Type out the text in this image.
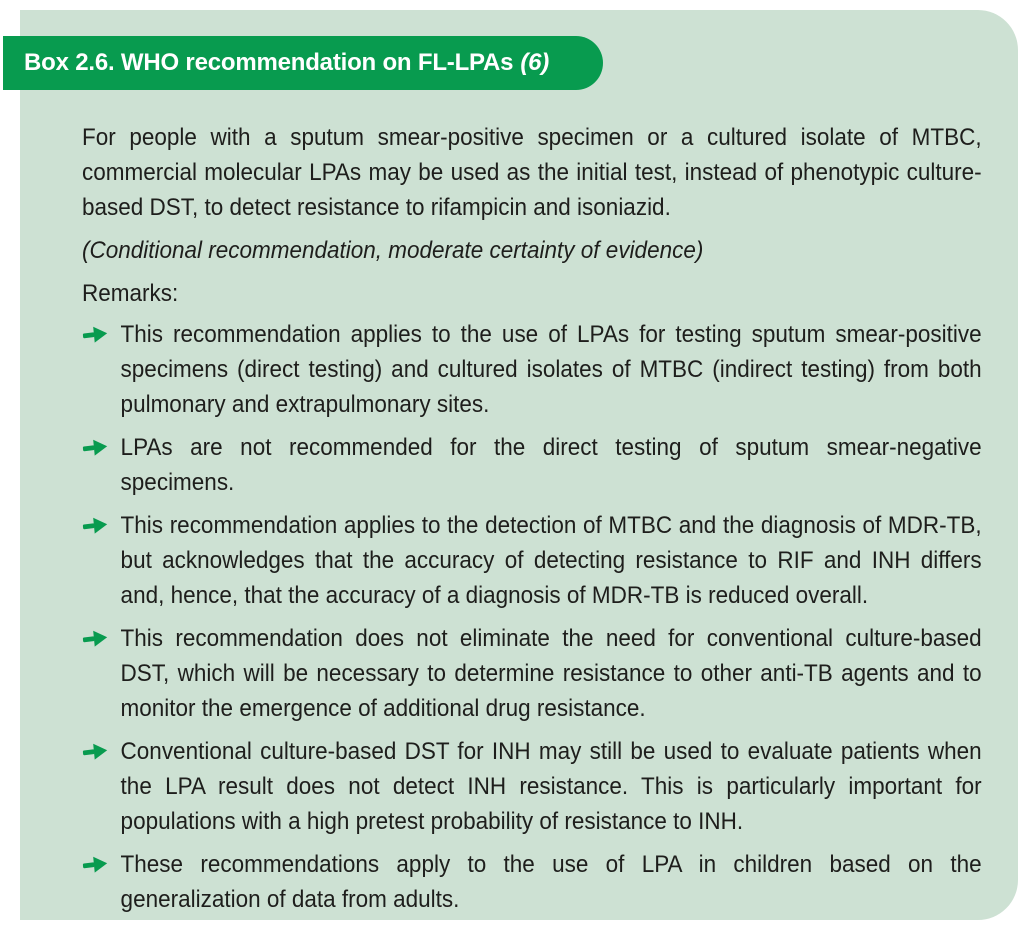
For people with a sputum smear-positive specimen or a cultured isolate of MTBC, commercial molecular LPAs may be used as the initial test, instead of phenotypic culture-based DST, to detect resistance to rifampicin and isoniazid.

(Conditional recommendation, moderate certainty of evidence)

Remarks:

This recommendation applies to the use of LPAs for testing sputum smear-positive specimens (direct testing) and cultured isolates of MTBC (indirect testing) from both pulmonary and extrapulmonary sites.
LPAs are not recommended for the direct testing of sputum smear-negative specimens.
This recommendation applies to the detection of MTBC and the diagnosis of MDR-TB, but acknowledges that the accuracy of detecting resistance to RIF and INH differs and, hence, that the accuracy of a diagnosis of MDR-TB is reduced overall.
This recommendation does not eliminate the need for conventional culture-based DST, which will be necessary to determine resistance to other anti-TB agents and to monitor the emergence of additional drug resistance.
Conventional culture-based DST for INH may still be used to evaluate patients when the LPA result does not detect INH resistance. This is particularly important for populations with a high pretest probability of resistance to INH.
These recommendations apply to the use of LPA in children based on the generalization of data from adults.
Box 2.6. WHO recommendation on FL-LPAs (6)
